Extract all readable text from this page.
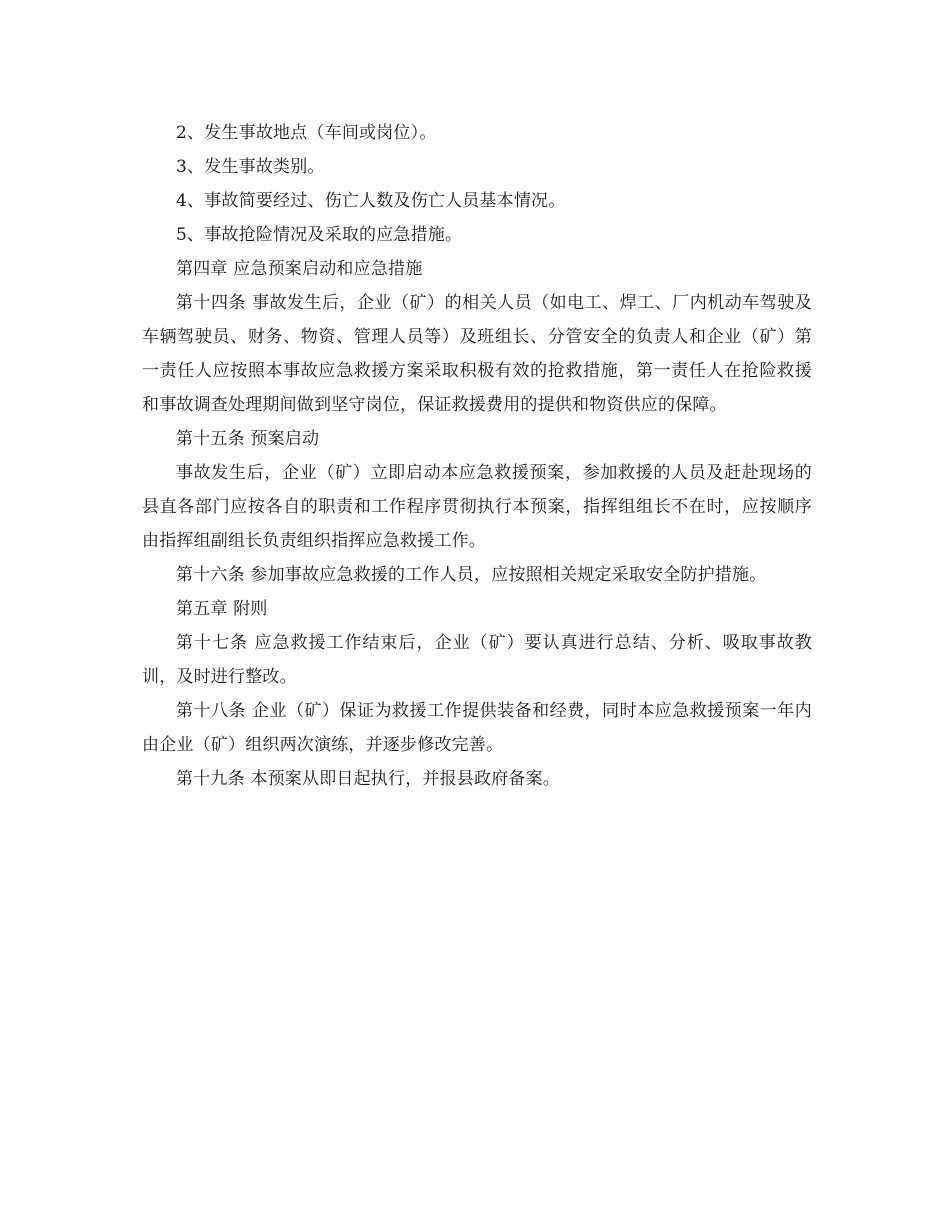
2、发生事故地点（车间或岗位）。

3、发生事故类别。

4、事故简要经过、伤亡人数及伤亡人员基本情况。

5、事故抢险情况及采取的应急措施。

第四章 应急预案启动和应急措施

第十四条 事故发生后，企业（矿）的相关人员（如电工、焊工、厂内机动车驾驶及车辆驾驶员、财务、物资、管理人员等）及班组长、分管安全的负责人和企业（矿）第一责任人应按照本事故应急救援方案采取积极有效的抢救措施，第一责任人在抢险救援和事故调查处理期间做到坚守岗位，保证救援费用的提供和物资供应的保障。

第十五条 预案启动

事故发生后，企业（矿）立即启动本应急救援预案，参加救援的人员及赶赴现场的县直各部门应按各自的职责和工作程序贯彻执行本预案，指挥组组长不在时，应按顺序由指挥组副组长负责组织指挥应急救援工作。

第十六条 参加事故应急救援的工作人员，应按照相关规定采取安全防护措施。

第五章 附则

第十七条 应急救援工作结束后，企业（矿）要认真进行总结、分析、吸取事故教训，及时进行整改。

第十八条 企业（矿）保证为救援工作提供装备和经费，同时本应急救援预案一年内由企业（矿）组织两次演练，并逐步修改完善。

第十九条 本预案从即日起执行，并报县政府备案。
